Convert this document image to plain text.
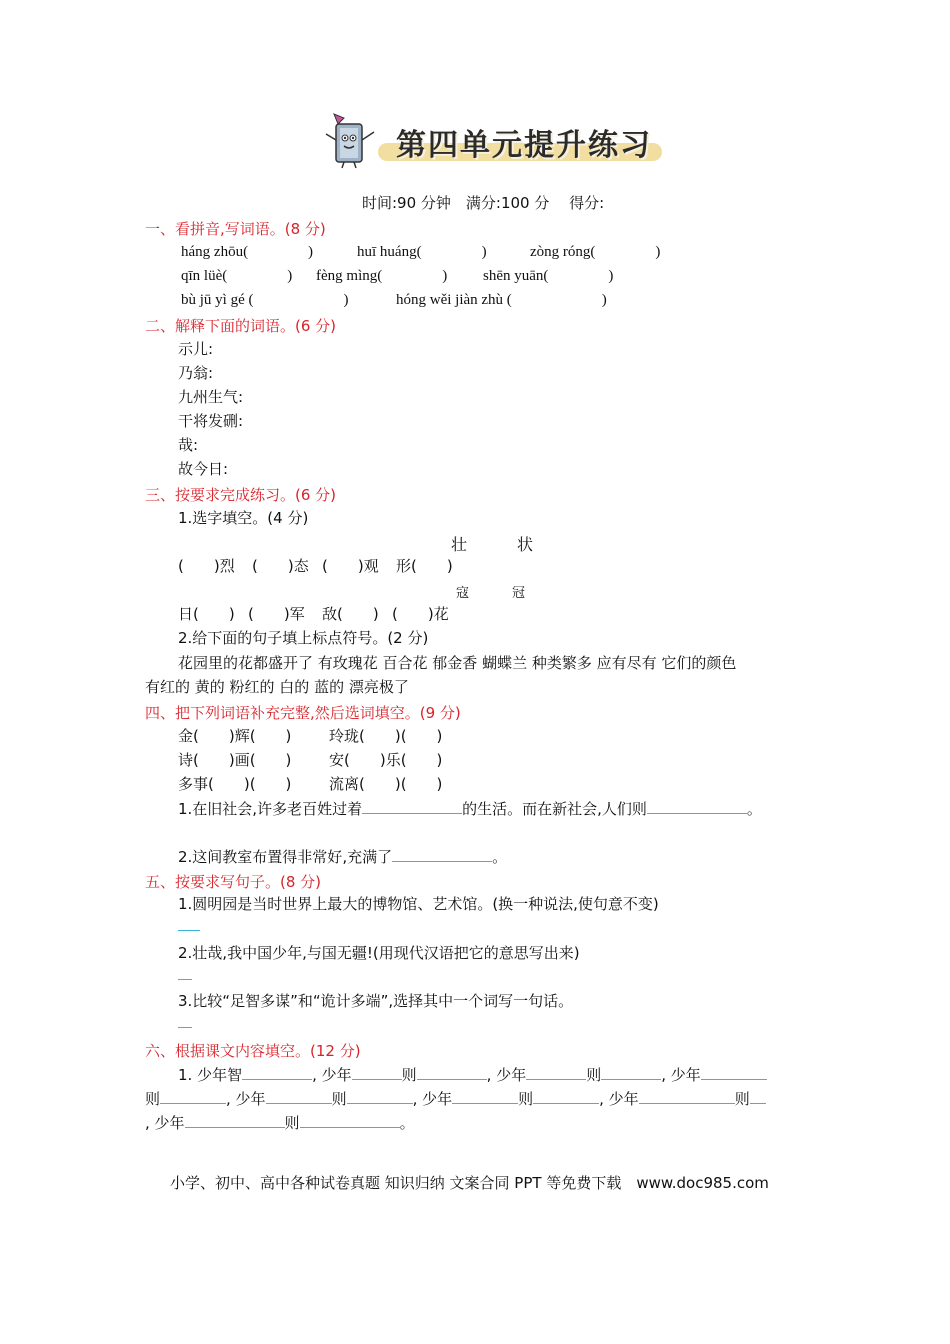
第四单元提升练习
时间:90 分钟　满分:100 分　 得分:
一、看拼音,写词语。(8 分)
háng zhōu(　　　　)	huī huáng(　　　　)	zòng róng(　　　　)
qīn lüè(　　　　) fèng mìng(　　　　) shēn yuān(　　　　)
bù jū yì gé (　　　　　　)	hóng wěi jiàn zhù (　　　　　　)
二、解释下面的词语。(6 分)
示儿:
乃翁:
九州生气:
干将发硎:
哉:
故今日:
三、按要求完成练习。(6 分)
1.选字填空。(4 分)
壮	状
(　　)烈 (　　)态 (　　)观 形(　　)
寇	冠
日(　　) (　　)军 敌(　　) (　　)花
2.给下面的句子填上标点符号。(2 分)
花园里的花都盛开了 有玫瑰花 百合花 郁金香 蝴蝶兰 种类繁多 应有尽有 它们的颜色
有红的 黄的 粉红的 白的 蓝的 漂亮极了
四、把下列词语补充完整,然后选词填空。(9 分)
金(　　)辉(　　)	玲珑(　　)(　　)
诗(　　)画(　　)	安(　　)乐(　　)
多事(　　)(　　)	流离(　　)(　　)
1.在旧社会,许多老百姓过着	的生活。而在新社会,人们则	。
2.这间教室布置得非常好,充满了	。
五、按要求写句子。(8 分)
1.圆明园是当时世界上最大的博物馆、艺术馆。(换一种说法,使句意不变)
2.壮哉,我中国少年,与国无疆!(用现代汉语把它的意思写出来)
3.比较“足智多谋”和“诡计多端”,选择其中一个词写一句话。
六、根据课文内容填空。(12 分)
1. 少年智	, 少年	则	, 少年	则	, 少年
则	, 少年	则	, 少年	则	, 少年	则
, 少年	则	。
小学、初中、高中各种试卷真题 知识归纳 文案合同 PPT 等免费下载　www.doc985.com
